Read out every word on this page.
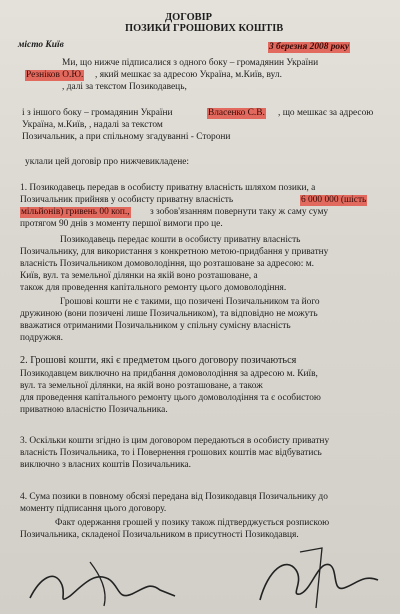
ДОГОВІР
ПОЗИКИ ГРОШОВИХ КОШТІВ
місто Київ	3 березня 2008 року
Ми, що нижче підписалися з одного боку – громадянин України
Резніков О.Ю. , який мешкає за адресою Україна, м.Київ, вул.
, далі за текстом Позикодавець,
і з іншого боку – громадянин України	Власенко С.В. , що мешкає за адресою
Україна, м.Київ, , надалі за текстом
Позичальник, а при спільному згадуванні - Сторони
уклали цей договір про нижчевикладене:
1. Позикодавець передав в особисту приватну власність шляхом позики, а
Позичальник прийняв у особисту приватну власність	6 000 000 (шість
мільйонів) гривень 00 коп., з зобов'язанням повернути таку ж саму суму
протягом 90 днів з моменту першої вимоги про це.
Позикодавець передає кошти в особисту приватну власність
Позичальнику, для використання з конкретною метою-придбання у приватну
власність Позичальником домоволодіння, що розташоване за адресою: м.
Київ, вул. та земельної ділянки на якій воно розташоване, а
також для проведення капітального ремонту цього домоволодіння.
Грошові кошти не є такими, що позичені Позичальником та його
дружиною (вони позичені лише Позичальником), та відповідно не можуть
вважатися отриманими Позичальником у спільну сумісну власність
подружжя.
2. Грошові кошти, які є предметом цього договору позичаються
Позикодавцем виключно на придбання домоволодіння за адресою м. Київ,
вул. та земельної ділянки, на якій воно розташоване, а також
для проведення капітального ремонту цього домоволодіння та є особистою
приватною власністю Позичальника.
3. Оскільки кошти згідно із цим договором передаються в особисту приватну
власність Позичальника, то і Повернення грошових коштів має відбуватись
виключно з власних коштів Позичальника.
4. Сума позики в повному обсязі передана від Позикодавця Позичальнику до
моменту підписання цього договору.
Факт одержання грошей у позику також підтверджується розпискою
Позичальника, складеної Позичальником в присутності Позикодавця.
